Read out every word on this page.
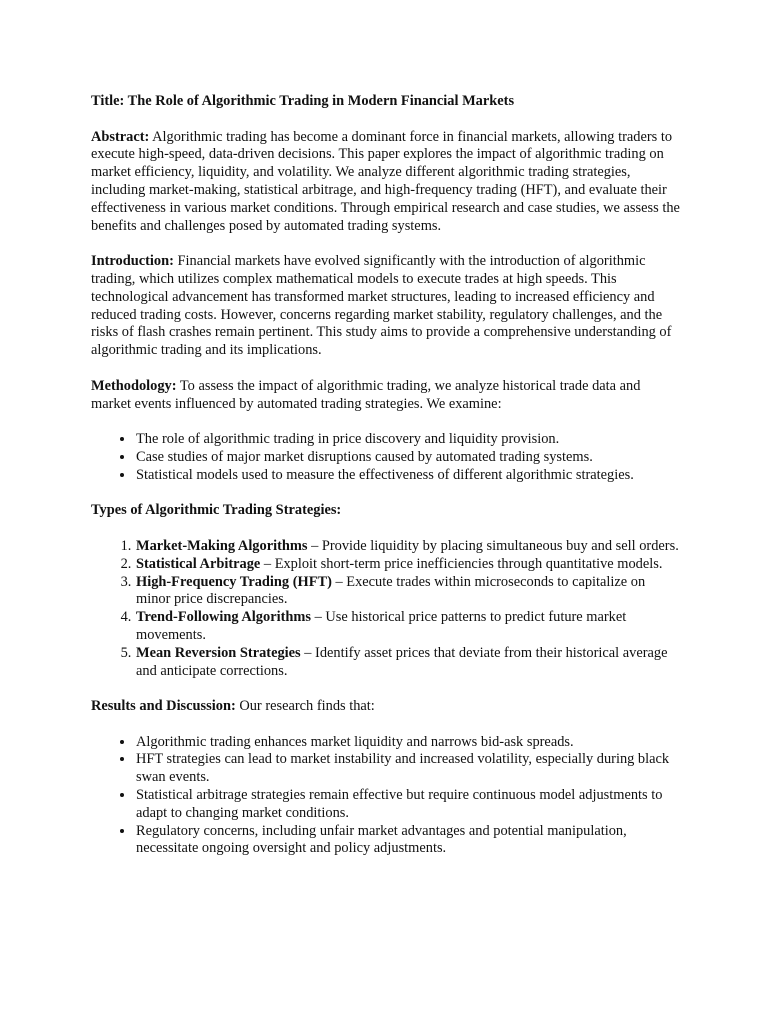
Title: The Role of Algorithmic Trading in Modern Financial Markets

Abstract: Algorithmic trading has become a dominant force in financial markets, allowing traders to execute high-speed, data-driven decisions. This paper explores the impact of algorithmic trading on market efficiency, liquidity, and volatility. We analyze different algorithmic trading strategies, including market-making, statistical arbitrage, and high-frequency trading (HFT), and evaluate their effectiveness in various market conditions. Through empirical research and case studies, we assess the benefits and challenges posed by automated trading systems.

Introduction: Financial markets have evolved significantly with the introduction of algorithmic trading, which utilizes complex mathematical models to execute trades at high speeds. This technological advancement has transformed market structures, leading to increased efficiency and reduced trading costs. However, concerns regarding market stability, regulatory challenges, and the risks of flash crashes remain pertinent. This study aims to provide a comprehensive understanding of algorithmic trading and its implications.

Methodology: To assess the impact of algorithmic trading, we analyze historical trade data and market events influenced by automated trading strategies. We examine:

• The role of algorithmic trading in price discovery and liquidity provision.
• Case studies of major market disruptions caused by automated trading systems.
• Statistical models used to measure the effectiveness of different algorithmic strategies.
Types of Algorithmic Trading Strategies:
1. Market-Making Algorithms – Provide liquidity by placing simultaneous buy and sell orders.
2. Statistical Arbitrage – Exploit short-term price inefficiencies through quantitative models.
3. High-Frequency Trading (HFT) – Execute trades within microseconds to capitalize on minor price discrepancies.
4. Trend-Following Algorithms – Use historical price patterns to predict future market movements.
5. Mean Reversion Strategies – Identify asset prices that deviate from their historical average and anticipate corrections.

Results and Discussion: Our research finds that:

• Algorithmic trading enhances market liquidity and narrows bid-ask spreads.
• HFT strategies can lead to market instability and increased volatility, especially during black swan events.
• Statistical arbitrage strategies remain effective but require continuous model adjustments to adapt to changing market conditions.
• Regulatory concerns, including unfair market advantages and potential manipulation, necessitate ongoing oversight and policy adjustments.
